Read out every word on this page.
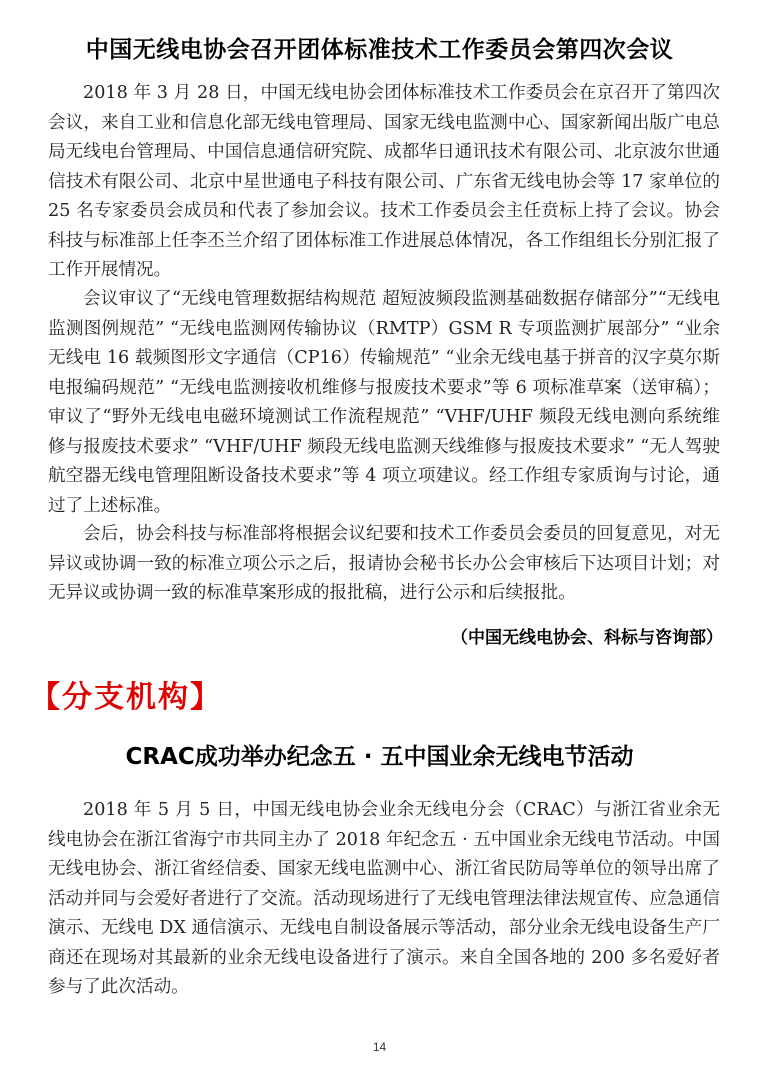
中国无线电协会召开团体标准技术工作委员会第四次会议

2018 年 3 月 28 日，中国无线电协会团体标准技术工作委员会在京召开了第四次会议，来自工业和信息化部无线电管理局、国家无线电监测中心、国家新闻出版广电总局无线电台管理局、中国信息通信研究院、成都华日通讯技术有限公司、北京波尔世通信技术有限公司、北京中星世通电子科技有限公司、广东省无线电协会等 17 家单位的 25 名专家委员会成员和代表了参加会议。技术工作委员会主任贲标上持了会议。协会科技与标准部上任李丕兰介绍了团体标准工作进展总体情况，各工作组组长分别汇报了工作开展情况。

会议审议了“无线电管理数据结构规范 超短波频段监测基础数据存储部分”“无线电监测图例规范” “无线电监测网传输协议（RMTP）GSM R 专项监测扩展部分” “业余无线电 16 载频图形文字通信（CP16）传输规范” “业余无线电基于拼音的汉字莫尔斯电报编码规范” “无线电监测接收机维修与报废技术要求”等 6 项标准草案（送审稿）；审议了“野外无线电电磁环境测试工作流程规范” “VHF/UHF 频段无线电测向系统维修与报废技术要求” “VHF/UHF 频段无线电监测天线维修与报废技术要求” “无人驾驶航空器无线电管理阻断设备技术要求”等 4 项立项建议。经工作组专家质询与讨论，通过了上述标准。

会后，协会科技与标准部将根据会议纪要和技术工作委员会委员的回复意见，对无异议或协调一致的标准立项公示之后，报请协会秘书长办公会审核后下达项目计划；对无异议或协调一致的标准草案形成的报批稿，进行公示和后续报批。

（中国无线电协会、科标与咨询部）
【分支机构】
CRAC成功举办纪念五 · 五中国业余无线电节活动

2018 年 5 月 5 日，中国无线电协会业余无线电分会（CRAC）与浙江省业余无线电协会在浙江省海宁市共同主办了 2018 年纪念五 · 五中国业余无线电节活动。中国无线电协会、浙江省经信委、国家无线电监测中心、浙江省民防局等单位的领导出席了活动并同与会爱好者进行了交流。活动现场进行了无线电管理法律法规宣传、应急通信演示、无线电 DX 通信演示、无线电自制设备展示等活动，部分业余无线电设备生产厂商还在现场对其最新的业余无线电设备进行了演示。来自全国各地的 200 多名爱好者参与了此次活动。

14
